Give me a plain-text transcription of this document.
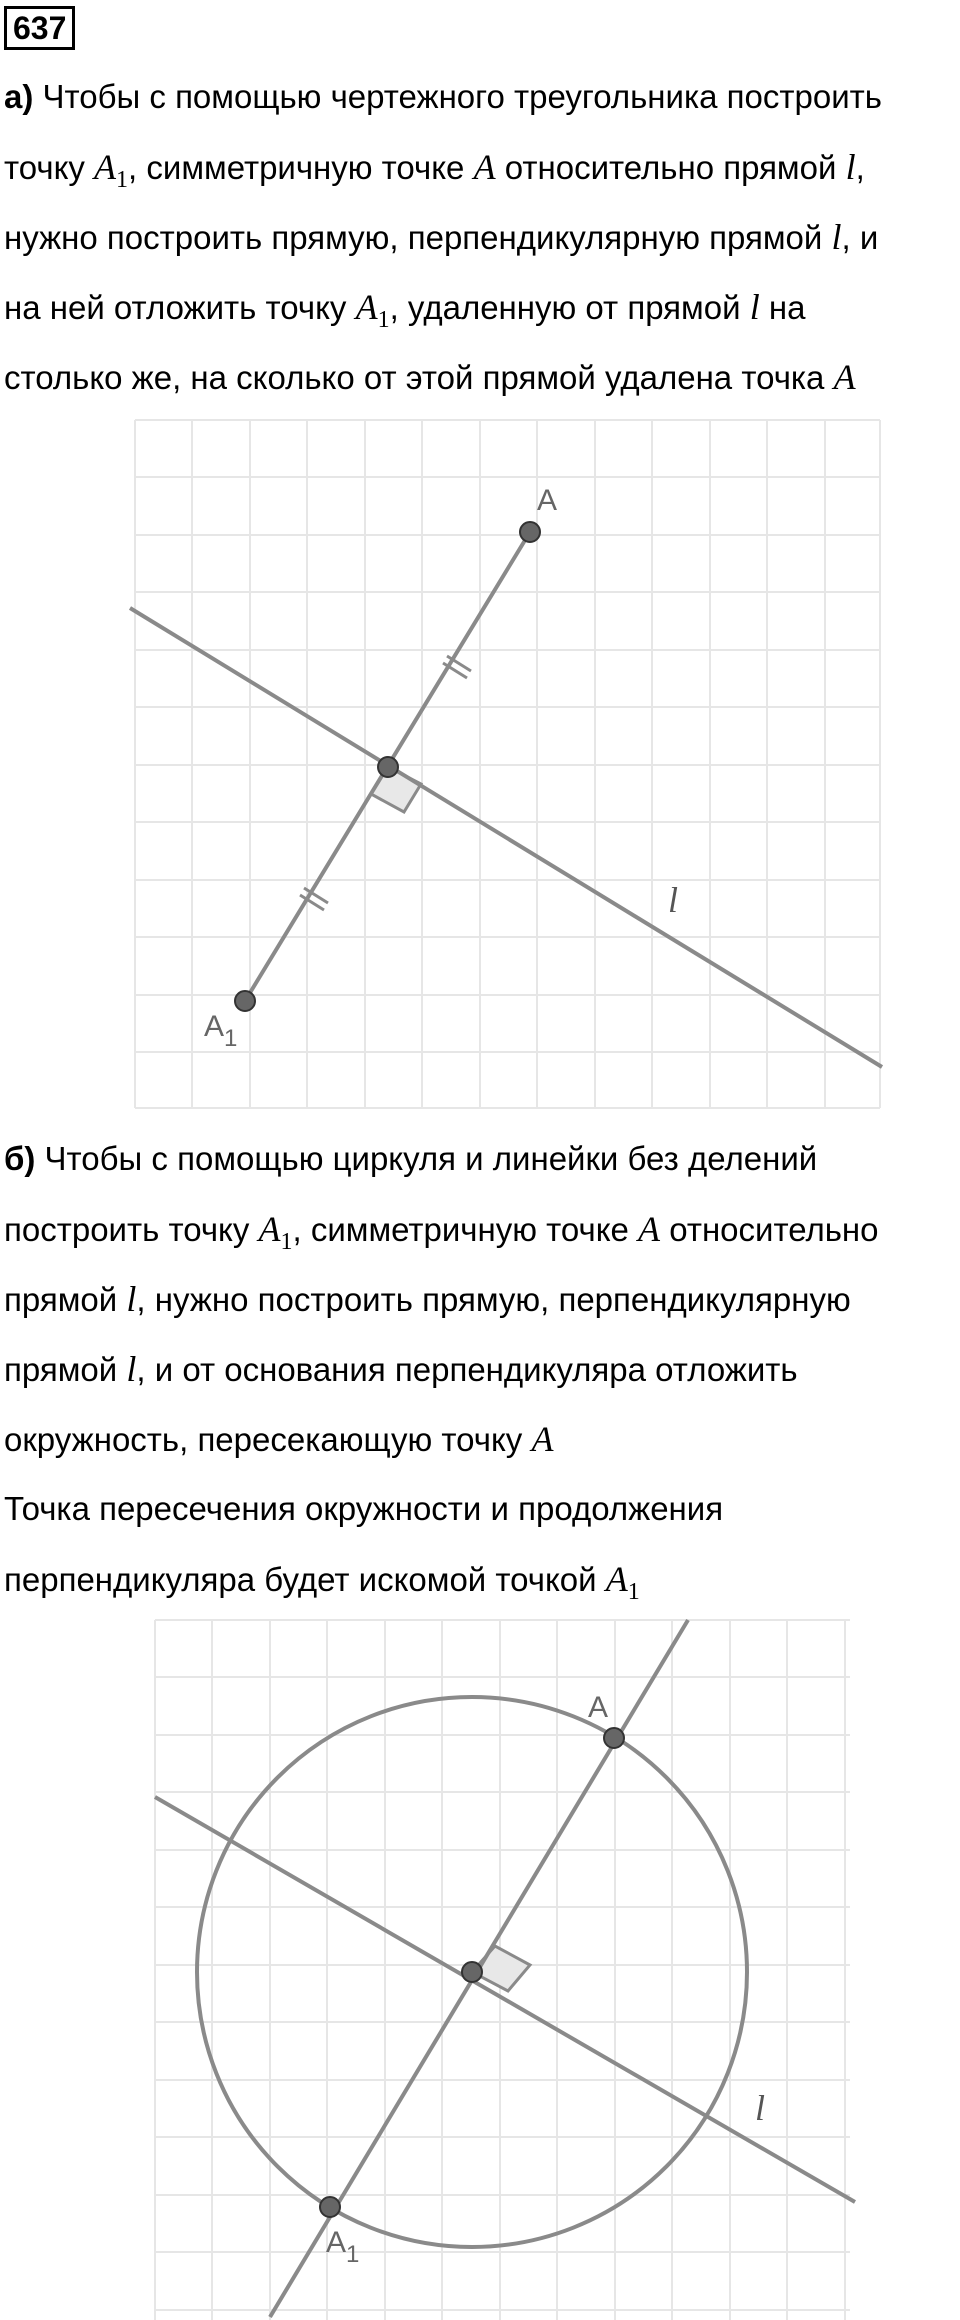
637
а) Чтобы с помощью чертежного треугольника построить
точку $A_1$, симметричную точке A относительно прямой l,
нужно построить прямую, перпендикулярную прямой l, и
на ней отложить точку $A_1$, удаленную от прямой l на
столько же, на сколько от этой прямой удалена точка A
A
$A_1$
l
б) Чтобы с помощью циркуля и линейки без делений
построить точку $A_1$, симметричную точке A относительно
прямой l, нужно построить прямую, перпендикулярную
прямой l, и от основания перпендикуляра отложить
окружность, пересекающую точку A
Точка пересечения окружности и продолжения
перпендикуляра будет искомой точкой $A_1$
A
$A_1$
l
